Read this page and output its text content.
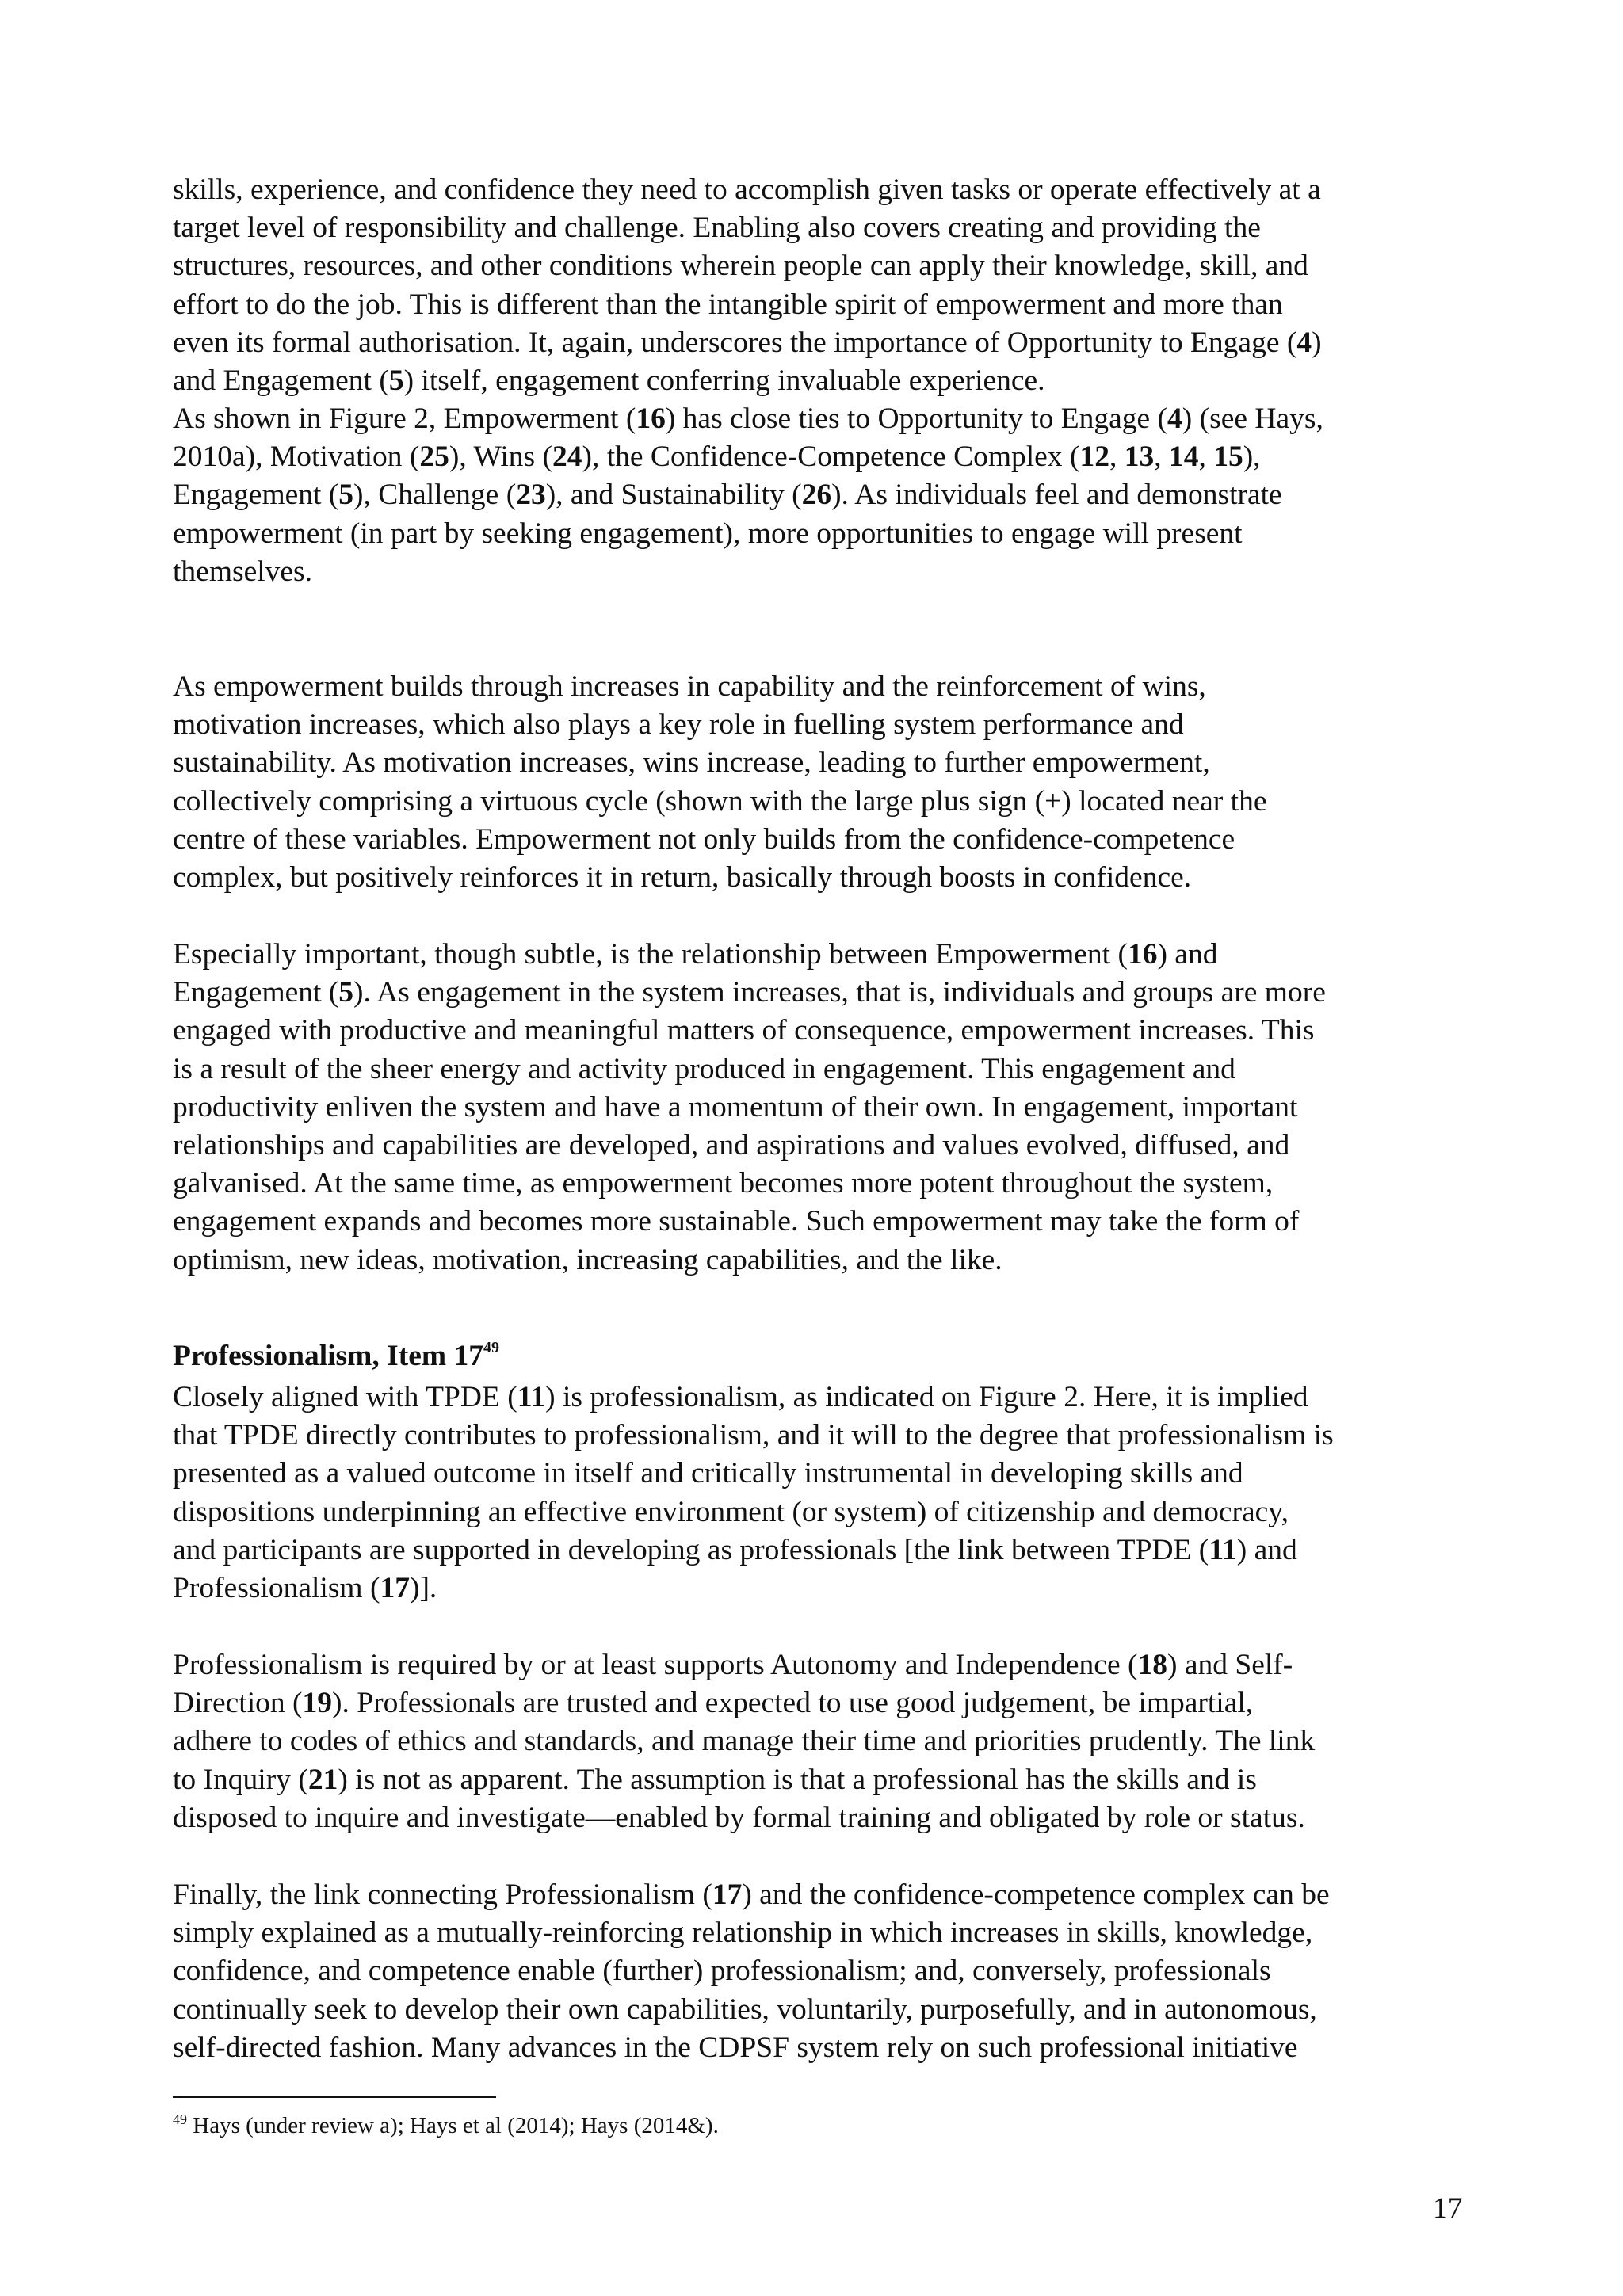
skills, experience, and confidence they need to accomplish given tasks or operate effectively at a
target level of responsibility and challenge. Enabling also covers creating and providing the
structures, resources, and other conditions wherein people can apply their knowledge, skill, and
effort to do the job. This is different than the intangible spirit of empowerment and more than
even its formal authorisation. It, again, underscores the importance of Opportunity to Engage (4)
and Engagement (5) itself, engagement conferring invaluable experience.
As shown in Figure 2, Empowerment (16) has close ties to Opportunity to Engage (4) (see Hays,
2010a), Motivation (25), Wins (24), the Confidence-Competence Complex (12, 13, 14, 15),
Engagement (5), Challenge (23), and Sustainability (26). As individuals feel and demonstrate
empowerment (in part by seeking engagement), more opportunities to engage will present
themselves.
As empowerment builds through increases in capability and the reinforcement of wins,
motivation increases, which also plays a key role in fuelling system performance and
sustainability. As motivation increases, wins increase, leading to further empowerment,
collectively comprising a virtuous cycle (shown with the large plus sign (+) located near the
centre of these variables. Empowerment not only builds from the confidence-competence
complex, but positively reinforces it in return, basically through boosts in confidence.
Especially important, though subtle, is the relationship between Empowerment (16) and
Engagement (5). As engagement in the system increases, that is, individuals and groups are more
engaged with productive and meaningful matters of consequence, empowerment increases. This
is a result of the sheer energy and activity produced in engagement. This engagement and
productivity enliven the system and have a momentum of their own. In engagement, important
relationships and capabilities are developed, and aspirations and values evolved, diffused, and
galvanised. At the same time, as empowerment becomes more potent throughout the system,
engagement expands and becomes more sustainable. Such empowerment may take the form of
optimism, new ideas, motivation, increasing capabilities, and the like.
Professionalism, Item $17^{49}$
Closely aligned with TPDE (11) is professionalism, as indicated on Figure 2. Here, it is implied
that TPDE directly contributes to professionalism, and it will to the degree that professionalism is
presented as a valued outcome in itself and critically instrumental in developing skills and
dispositions underpinning an effective environment (or system) of citizenship and democracy,
and participants are supported in developing as professionals [the link between TPDE (11) and
Professionalism (17)].
Professionalism is required by or at least supports Autonomy and Independence (18) and Self-
Direction (19). Professionals are trusted and expected to use good judgement, be impartial,
adhere to codes of ethics and standards, and manage their time and priorities prudently. The link
to Inquiry (21) is not as apparent. The assumption is that a professional has the skills and is
disposed to inquire and investigate—enabled by formal training and obligated by role or status.
Finally, the link connecting Professionalism (17) and the confidence-competence complex can be
simply explained as a mutually-reinforcing relationship in which increases in skills, knowledge,
confidence, and competence enable (further) professionalism; and, conversely, professionals
continually seek to develop their own capabilities, voluntarily, purposefully, and in autonomous,
self-directed fashion. Many advances in the CDPSF system rely on such professional initiative

$^{49}$ Hays (under review a); Hays et al (2014); Hays (2014&).

17
